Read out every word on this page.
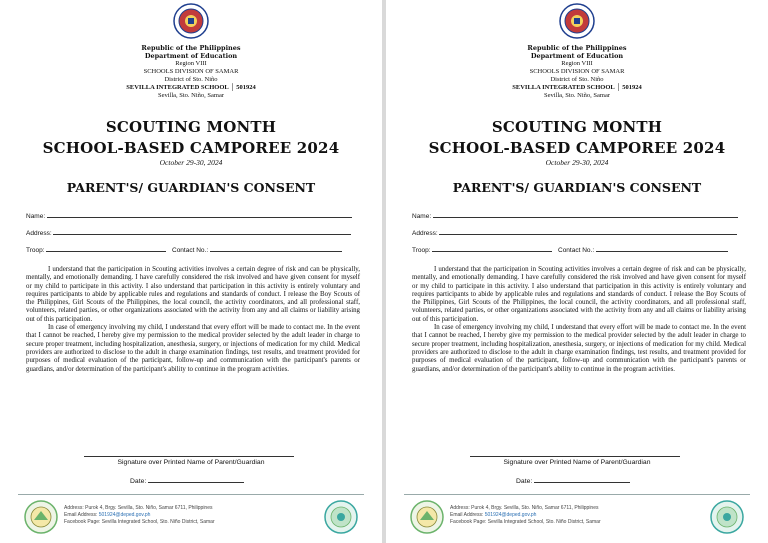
Republic of the Philippines
Department of Education
Region VIII
SCHOOLS DIVISION OF SAMAR
District of Sto. Niño
SEVILLA INTEGRATED SCHOOL │ 501924
Sevilla, Sto. Niño, Samar
SCOUTING MONTH
SCHOOL-BASED CAMPOREE 2024
October 29-30, 2024
PARENT'S/ GUARDIAN'S CONSENT
Name:
Address:
Troop:	Contact No.:

I understand that the participation in Scouting activities involves a certain degree of risk and can be physically, mentally, and emotionally demanding. I have carefully considered the risk involved and have given consent for myself or my child to participate in this activity. I also understand that participation in this activity is entirely voluntary and requires participants to abide by applicable rules and regulations and standards of conduct. I release the Boy Scouts of the Philippines, Girl Scouts of the Philippines, the local council, the activity coordinators, and all professional staff, volunteers, related parties, or other organizations associated with the activity from any and all claims or liability arising out of this participation.

In case of emergency involving my child, I understand that every effort will be made to contact me. In the event that I cannot be reached, I hereby give my permission to the medical provider selected by the adult leader in charge to secure proper treatment, including hospitalization, anesthesia, surgery, or injections of medication for my child. Medical providers are authorized to disclose to the adult in charge examination findings, test results, and treatment provided for purposes of medical evaluation of the participant, follow-up and communication with the participant's parents or guardians, and/or determination of the participant's ability to continue in the program activities.

Signature over Printed Name of Parent/Guardian
Date:
Address: Purok 4, Brgy. Sevilla, Sto. Niño, Samar 6711, Philippines
Email Address: 501924@deped.gov.ph
Facebook Page: Sevilla Integrated School, Sto. Niño District, Samar
Republic of the Philippines
Department of Education
Region VIII
SCHOOLS DIVISION OF SAMAR
District of Sto. Niño
SEVILLA INTEGRATED SCHOOL │ 501924
Sevilla, Sto. Niño, Samar
SCOUTING MONTH
SCHOOL-BASED CAMPOREE 2024
October 29-30, 2024
PARENT'S/ GUARDIAN'S CONSENT
Name:
Address:
Troop:	Contact No.:

I understand that the participation in Scouting activities involves a certain degree of risk and can be physically, mentally, and emotionally demanding. I have carefully considered the risk involved and have given consent for myself or my child to participate in this activity. I also understand that participation in this activity is entirely voluntary and requires participants to abide by applicable rules and regulations and standards of conduct. I release the Boy Scouts of the Philippines, Girl Scouts of the Philippines, the local council, the activity coordinators, and all professional staff, volunteers, related parties, or other organizations associated with the activity from any and all claims or liability arising out of this participation.

In case of emergency involving my child, I understand that every effort will be made to contact me. In the event that I cannot be reached, I hereby give my permission to the medical provider selected by the adult leader in charge to secure proper treatment, including hospitalization, anesthesia, surgery, or injections of medication for my child. Medical providers are authorized to disclose to the adult in charge examination findings, test results, and treatment provided for purposes of medical evaluation of the participant, follow-up and communication with the participant's parents or guardians, and/or determination of the participant's ability to continue in the program activities.

Signature over Printed Name of Parent/Guardian
Date:
Address: Purok 4, Brgy. Sevilla, Sto. Niño, Samar 6711, Philippines
Email Address: 501924@deped.gov.ph
Facebook Page: Sevilla Integrated School, Sto. Niño District, Samar
